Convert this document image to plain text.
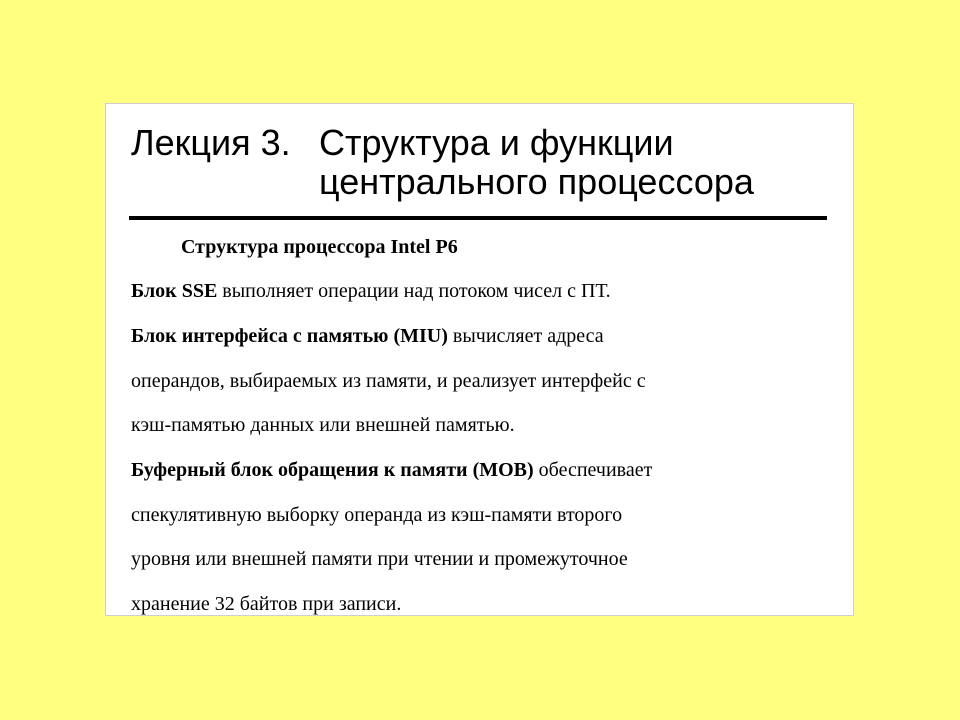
Лекция 3. Структура и функции
центрального процессора
Структура процессора Intel P6
Блок SSE выполняет операции над потоком чисел с ПТ.
Блок интерфейса с памятью (MIU) вычисляет адреса
операндов, выбираемых из памяти, и реализует интерфейс с
кэш-памятью данных или внешней памятью.
Буферный блок обращения к памяти (MOB) обеспечивает
спекулятивную выборку операнда из кэш-памяти второго
уровня или внешней памяти при чтении и промежуточное
хранение 32 байтов при записи.
